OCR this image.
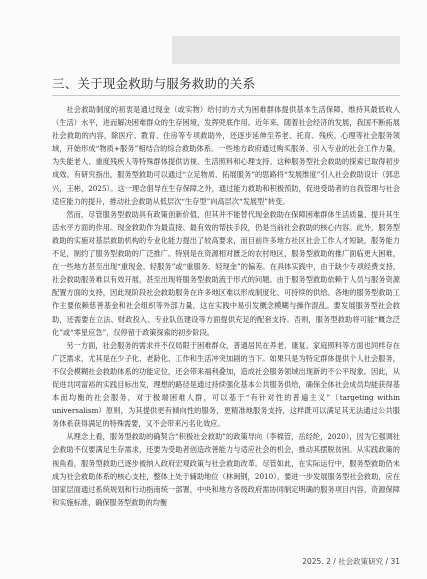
三、关于现金救助与服务救助的关系

社会救助制度的初衷是通过现金（或实物）给付的方式为困难群体提供基本生活保障，维持其最低收入（生活）水平，进而解决困难群众的生存困境，发挥兜底作用。近年来，随着社会经济的发展，我国不断拓展社会救助的内容，除医疗、教育、住房等专项救助外，还逐步延伸至养老、托育、残疾、心理等社会服务领域，开始形成“物质+服务”相结合的综合救助体系。一些地方政府通过购买服务、引入专业的社会工作力量，为失能老人、重度残疾人等特殊群体提供访视、生活照料和心理支持。这种服务型社会救助的探索已取得初步成效。有研究指出，服务型救助可以通过“立足物质、拓展服务”的思路将“发展维度”引入社会救助设计（郭忠兴，王彬，2025）。这一理念倡导在生存保障之外，通过能力救助和积极预防，促进受助者的自我管理与社会适应能力的提升，推动社会救助从低层次“生存型”向高层次“发展型”转变。

然而，尽管服务型救助具有政策创新价值，但其并不能替代现金救助在保障困难群体生活质量、提升其生活水平方面的作用。现金救助作为最直接、最有效的帮扶手段，仍是当前社会救助的核心内容。此外，服务型救助的实施对基层救助机构的专业化能力提出了较高要求，而目前许多地方社区社会工作人才短缺，服务能力不足，制约了服务型救助的广泛推广。特别是在资源相对匮乏的农村地区，服务型救助的推广面临更大困难，在一些地方甚至出现“重现金、轻服务”或“重服务、轻现金”的偏差。在具体实践中，由于缺少专项经费支持，社会救助服务难以有效开展，甚至出现将服务型救助流于形式的问题。由于服务型救助依赖于人员与服务资源配置方面的支持，因此现阶段社会救助服务在许多地区难以形成制度化、可持续的供给。各地的服务型救助工作主要依赖慈善基金和社会组织等外部力量，这在实践中易引发概念模糊与操作混乱。要发展服务型社会救助，还需要在立法、财政投入、专业队伍建设等方面提供充足的配套支持。否则，服务型救助将可能“概念泛化”或“零星应急”，仅停留于政策探索的初步阶段。

另一方面，社会服务的需求并不仅局限于困难群众，普通居民在养老、康复、家庭照料等方面也同样存在广泛需求，尤其是在少子化、老龄化、工作和生活冲突加剧的当下。如果只是为特定群体提供个人社会服务，不仅会模糊社会救助体系的功能定位，还会带来福利叠加，造成社会服务领域出现新的不公平现象。因此，从促进共同富裕的实践目标出发，理想的路径是通过持续强化基本公共服务供给，确保全体社会成员均能获得基本而均衡的社会服务，对于极端困难人群，可以基于“有针对性的普遍主义”（targeting within universalism）原则，为其提供更有倾向性的服务，更精准地服务支持，这样既可以满足其无法通过公共服务体系获得满足的特殊需要，又不会带来污名化效应。

从理念上看，服务型救助的确契合“积极社会救助”的政策导向（李棉管，岳经纶，2020），因为它强调社会救助不仅要满足生存需求，还要为受助者创造改善能力与适应社会的机会，推动其摆脱贫困。从实践政策的视角看，服务型救助已逐步被纳入政府宏观政策与社会救助改革。尽管如此，在实际运行中，服务型救助仍未成为社会救助体系的核心支柱，整体上处于辅助地位（林闽钢，2010）。要进一步发展服务型社会救助，应在国家层面通过系统规划和行动指南统一部署，中央和地方各级政府需协同制定明确的服务项目内容、资源保障和实施标准，确保服务型救助的均衡

2025. 2 / 社会政策研究 / 31
